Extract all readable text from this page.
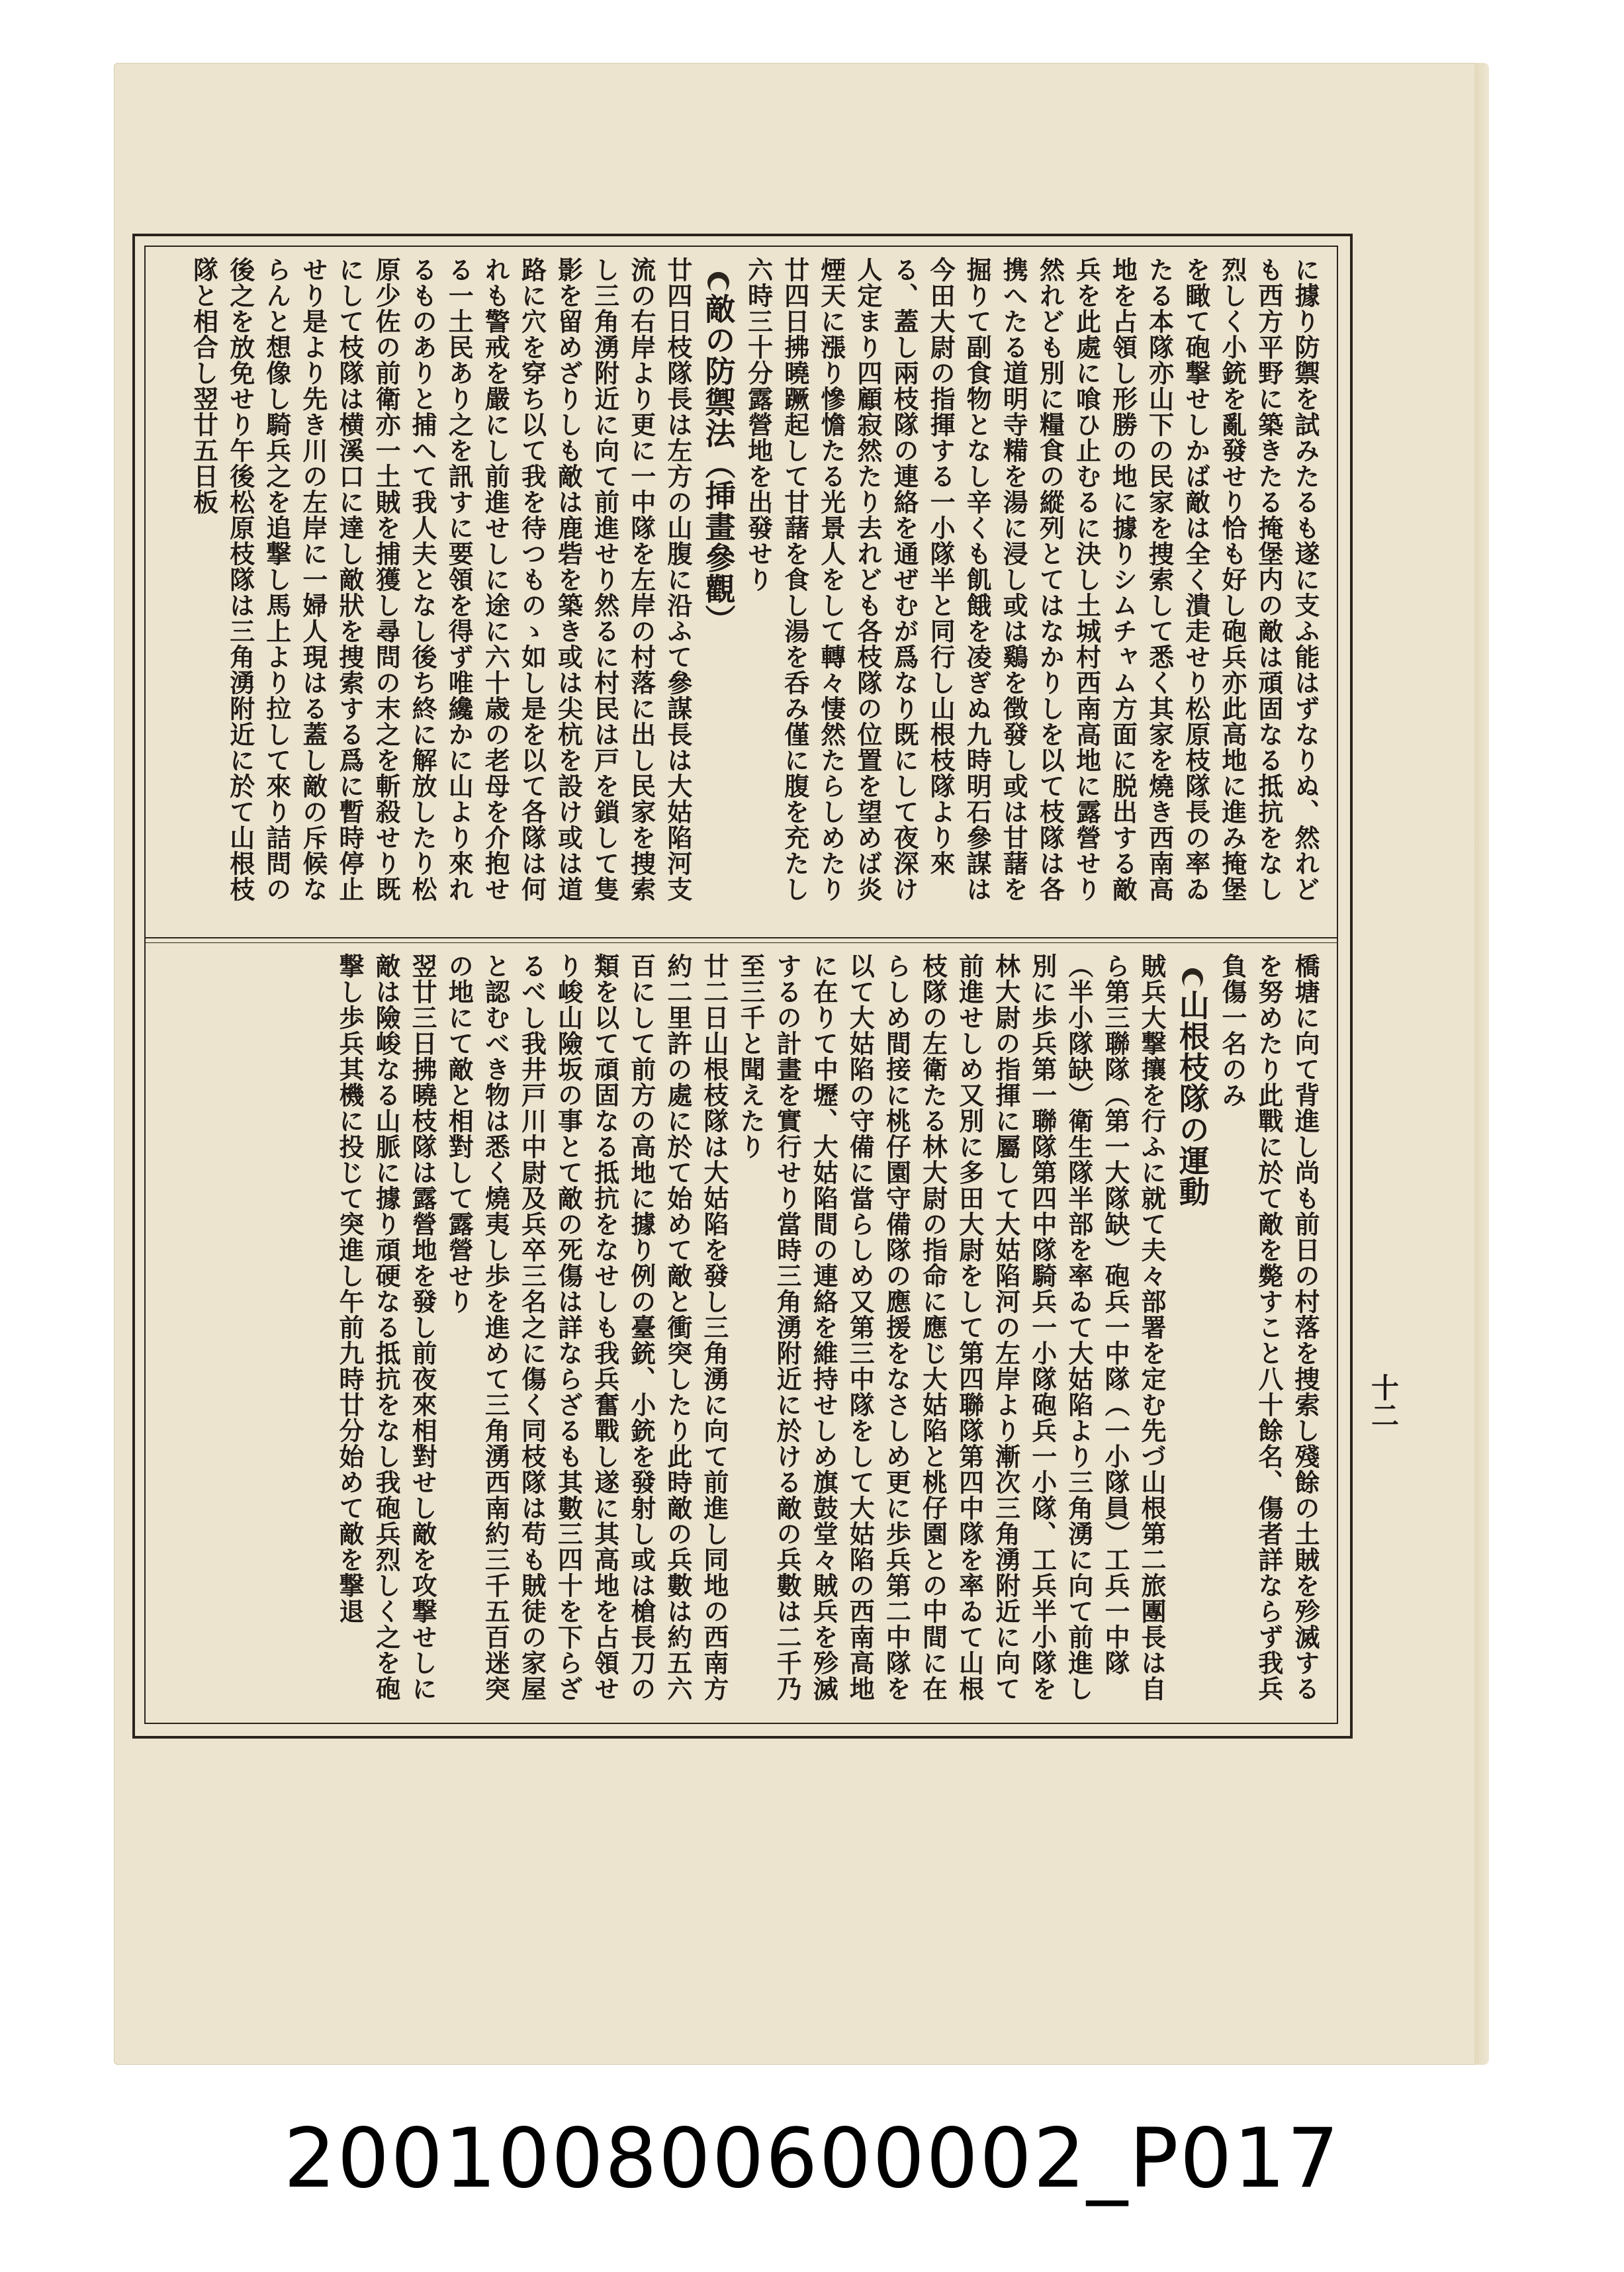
に據り防禦を試みたるも遂に支ふ能はずなりぬ、然れども西方平野に築きたる掩堡内の敵は頑固なる抵抗をなし烈しく小銃を亂發せり恰も好し砲兵亦此高地に進み掩堡を瞰て砲撃せしかば敵は全く潰走せり松原枝隊長の率ゐたる本隊亦山下の民家を捜索して悉く其家を燒き西南高地を占領し形勝の地に據りシムチャム方面に脱出する敵兵を此處に喰ひ止むるに決し土城村西南高地に露營せり然れども別に糧食の縱列とてはなかりしを以て枝隊は各携へたる道明寺糒を湯に浸し或は鷄を徴發し或は甘藷を掘りて副食物となし辛くも飢餓を凌ぎぬ九時明石參謀は今田大尉の指揮する一小隊半と同行し山根枝隊より來る、蓋し兩枝隊の連絡を通ぜむが爲なり既にして夜深け人定まり四顧寂然たり去れども各枝隊の位置を望めば炎煙天に漲り慘憺たる光景人をして轉々悽然たらしめたり廿四日拂曉蹶起して甘藷を食し湯を呑み僅に腹を充たし六時三十分露營地を出發せり

●敵の防禦法（挿畫參觀）

廿四日枝隊長は左方の山腹に沿ふて參謀長は大姑陷河支流の右岸より更に一中隊を左岸の村落に出し民家を捜索し三角湧附近に向て前進せり然るに村民は戸を鎖して隻影を留めざりしも敵は鹿砦を築き或は尖杭を設け或は道路に穴を穿ち以て我を待つものゝ如し是を以て各隊は何れも警戒を嚴にし前進せしに途に六十歳の老母を介抱せる一土民あり之を訊すに要領を得ず唯纔かに山より來れるものありと捕へて我人夫となし後ち終に解放したり松原少佐の前衛亦一土賊を捕獲し尋問の末之を斬殺せり既にして枝隊は横溪口に達し敵狀を捜索する爲に暫時停止せり是より先き川の左岸に一婦人現はる蓋し敵の斥候ならんと想像し騎兵之を追撃し馬上より拉して來り詰問の後之を放免せり午後松原枝隊は三角湧附近に於て山根枝隊と相合し翌廿五日板

橋塘に向て背進し尚も前日の村落を捜索し殘餘の土賊を殄滅するを努めたり此戰に於て敵を斃すこと八十餘名、傷者詳ならず我兵負傷一名のみ

●山根枝隊の運動

賊兵大撃攘を行ふに就て夫々部署を定む先づ山根第二旅團長は自ら第三聯隊（第一大隊缺）砲兵一中隊（一小隊員）工兵一中隊（半小隊缺）衛生隊半部を率ゐて大姑陷より三角湧に向て前進し別に歩兵第一聯隊第四中隊騎兵一小隊砲兵一小隊、工兵半小隊を林大尉の指揮に屬して大姑陷河の左岸より漸次三角湧附近に向て前進せしめ又別に多田大尉をして第四聯隊第四中隊を率ゐて山根枝隊の左衛たる林大尉の指命に應じ大姑陷と桃仔園との中間に在らしめ間接に桃仔園守備隊の應援をなさしめ更に歩兵第二中隊を以て大姑陷の守備に當らしめ又第三中隊をして大姑陷の西南高地に在りて中壢、大姑陷間の連絡を維持せしめ旗鼓堂々賊兵を殄滅するの計畫を實行せり當時三角湧附近に於ける敵の兵數は二千乃至三千と聞えたり

廿二日山根枝隊は大姑陷を發し三角湧に向て前進し同地の西南方約二里許の處に於て始めて敵と衝突したり此時敵の兵數は約五六百にして前方の高地に據り例の臺銃、小銃を發射し或は槍長刀の類を以て頑固なる抵抗をなせしも我兵奮戰し遂に其高地を占領せり峻山險坂の事とて敵の死傷は詳ならざるも其數三四十を下らざるべし我井戸川中尉及兵卒三名之に傷く同枝隊は苟も賊徒の家屋と認むべき物は悉く燒夷し歩を進めて三角湧西南約三千五百迷突の地にて敵と相對して露營せり

翌廿三日拂曉枝隊は露營地を發し前夜來相對せし敵を攻撃せしに敵は險峻なる山脈に據り頑硬なる抵抗をなし我砲兵烈しく之を砲撃し歩兵其機に投じて突進し午前九時廿分始めて敵を撃退	十二
20010080060000​2_P017
